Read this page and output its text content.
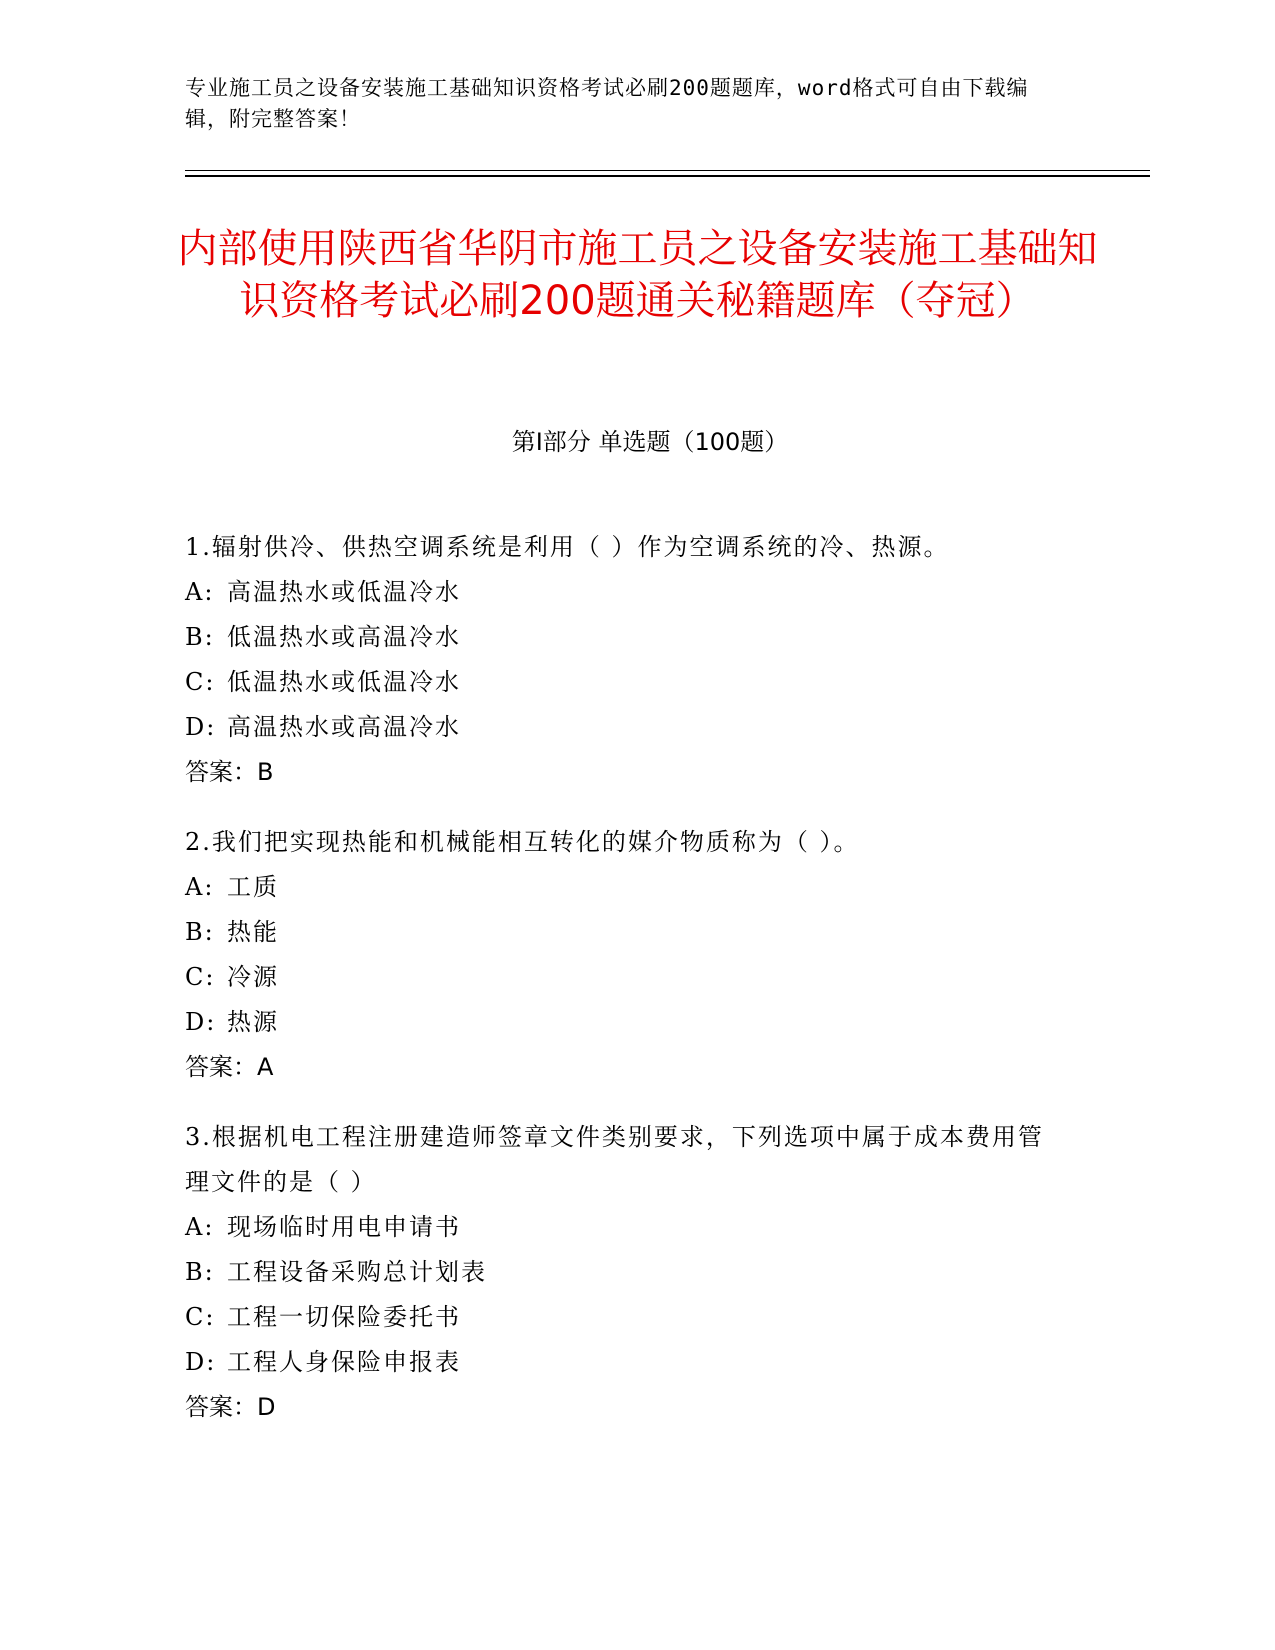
专业施工员之设备安装施工基础知识资格考试必刷200题题库，word格式可自由下载编辑，附完整答案！

内部使用陕西省华阴市施工员之设备安装施工基础知识资格考试必刷200题通关秘籍题库（夺冠）
第Ⅰ部分 单选题（100题）

1.辐射供冷、供热空调系统是利用（ ）作为空调系统的冷、热源。

A: 高温热水或低温冷水

B: 低温热水或高温冷水

C: 低温热水或低温冷水

D: 高温热水或高温冷水

答案：B

2.我们把实现热能和机械能相互转化的媒介物质称为（ ）。

A: 工质

B: 热能

C: 冷源

D: 热源

答案：A

3.根据机电工程注册建造师签章文件类别要求，下列选项中属于成本费用管理文件的是（ ）

A: 现场临时用电申请书

B: 工程设备采购总计划表

C: 工程一切保险委托书

D: 工程人身保险申报表

答案：D
